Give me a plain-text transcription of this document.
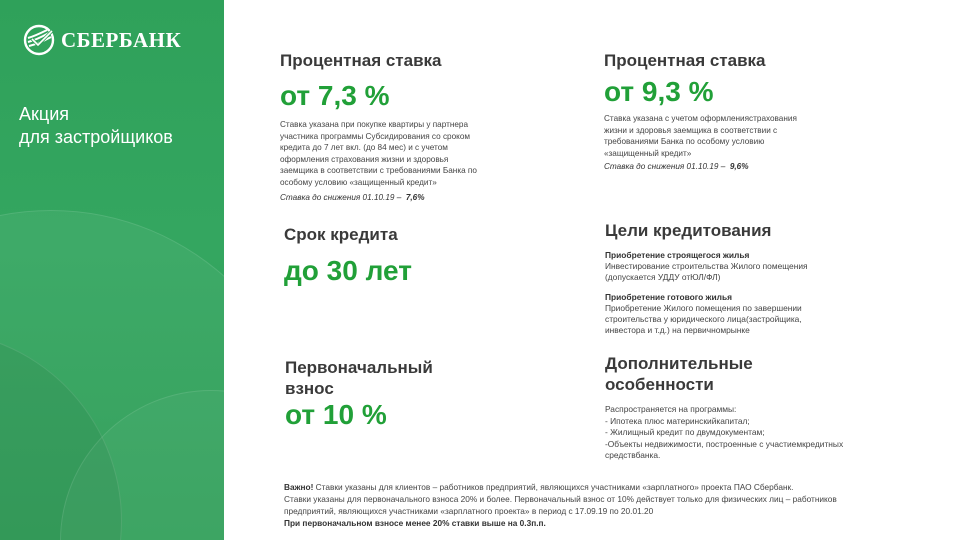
СБЕРБАНК
Акция
для застройщиков
Процентная ставка
от 7,3 %
Ставка указана при покупке квартиры у партнера
участника программы Субсидирования со сроком
кредита до 7 лет вкл. (до 84 мес) и с учетом
оформления страхования жизни и здоровья
заемщика в соответствии с требованиями Банка по
особому условию «защищенный кредит»
Ставка до снижения 01.10.19 – 7,6%
Процентная ставка
от 9,3 %
Ставка указана с учетом оформлениястрахования
жизни и здоровья заемщика в соответствии с
требованиями Банка по особому условию
«защищенный кредит»
Ставка до снижения 01.10.19 – 9,6%
Срок кредита
до 30 лет
Цели кредитования
Приобретение строящегося жилья
Инвестирование строительства Жилого помещения
(допускается УДДУ отЮЛ/ФЛ)
Приобретение готового жилья
Приобретение Жилого помещения по завершении
строительства у юридического лица(застройщика,
инвестора и т.д.) на первичномрынке
Первоначальный
взнос
от 10 %
Дополнительные
особенности
Распространяется на программы:
- Ипотека плюс материнскийкапитал;
- Жилищный кредит по двумдокументам;
-Объекты недвижимости, построенные с участиемкредитных
средствбанка.
Важно! Ставки указаны для клиентов – работников предприятий, являющихся участниками «зарплатного» проекта ПАО Сбербанк.
Ставки указаны для первоначального взноса 20% и более. Первоначальный взнос от 10% действует только для физических лиц – работников
предприятий, являющихся участниками «зарплатного проекта» в период с 17.09.19 по 20.01.20
При первоначальном взносе менее 20% ставки выше на 0.3п.п.
